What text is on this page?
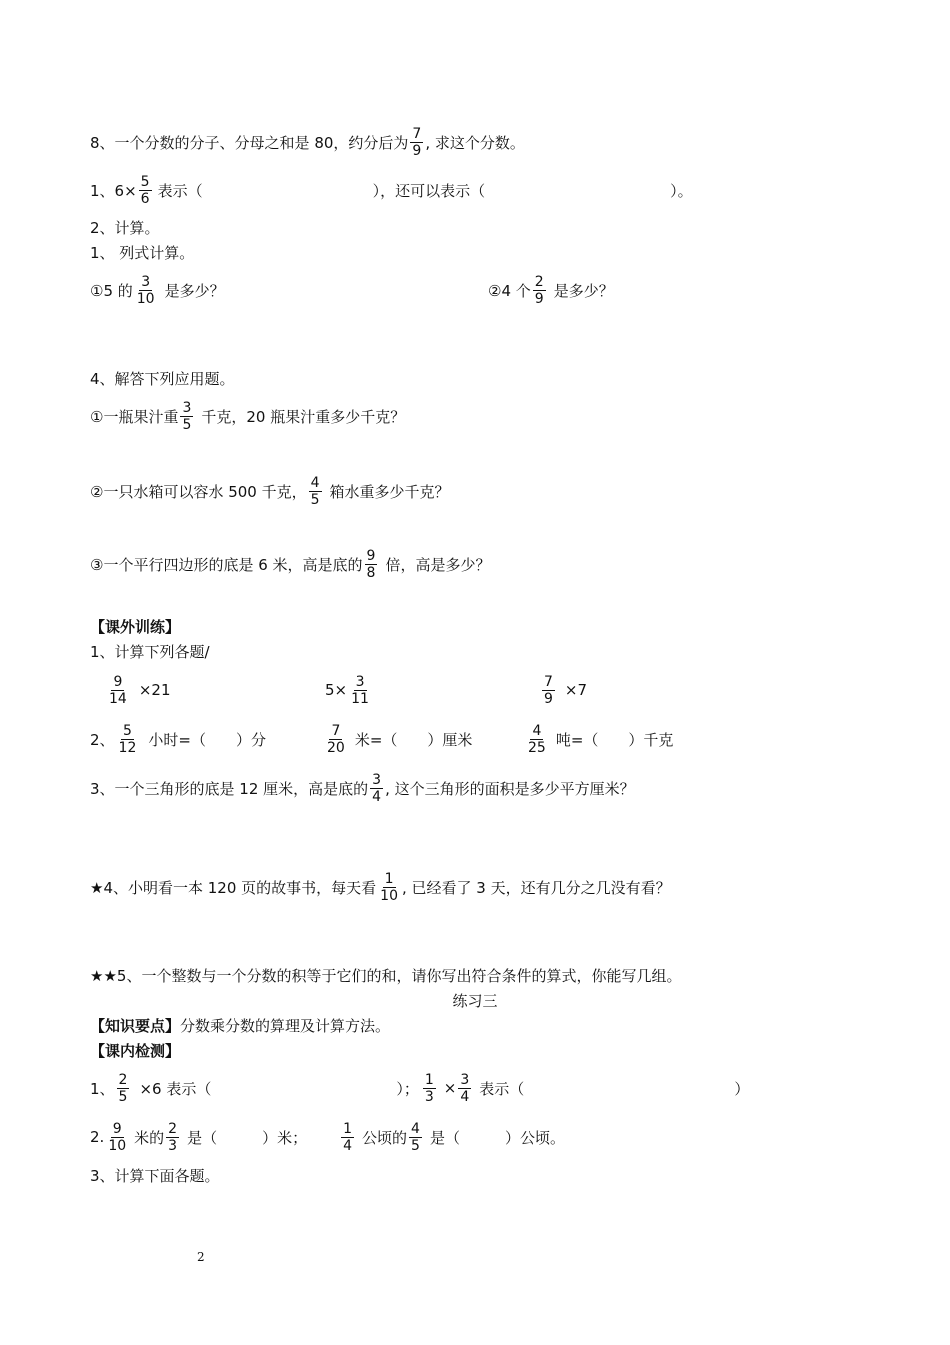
8、一个分数的分子、分母之和是 80，约分后为 $\frac{7}{9}$ , 求这个分数。
1、$6\times \frac{5}{6}$ 表示（	），还可以表示（	）。
2、计算。
1、 列式计算。
①5 的 $\frac{3}{10}$ 是多少？	②4 个 $\frac{2}{9}$ 是多少？
4、解答下列应用题。
①一瓶果汁重 $\frac{3}{5}$ 千克，20 瓶果汁重多少千克？
②一只水箱可以容水 500 千克， $\frac{4}{5}$ 箱水重多少千克？
③一个平行四边形的底是 6 米，高是底的 $\frac{9}{8}$ 倍，高是多少？
【课外训练】
1、计算下列各题/
$\frac{9}{14} \times 21$	$5\times \frac{3}{11}$	$\frac{7}{9} \times 7$
2、 $\frac{5}{12}$ 小时=（　　）分	$\frac{7}{20}$ 米=（　　）厘米	$\frac{4}{25}$ 吨=（　　）千克
3、一个三角形的底是 12 厘米，高是底的 $\frac{3}{4}$ , 这个三角形的面积是多少平方厘米？
★4、小明看一本 120 页的故事书，每天看 $\frac{1}{10}$ , 已经看了 3 天，还有几分之几没有看？
★★5、一个整数与一个分数的积等于它们的和，请你写出符合条件的算式，你能写几组。
练习三
【知识要点】 分数乘分数的算理及计算方法。
【课内检测】
1、 $\frac{2}{5} \times 6$ 表示（	）； $\frac{1}{3} \times \frac{3}{4}$ 表示（	）
2. $\frac{9}{10}$ 米的 $\frac{2}{3}$ 是（　　　）米； $\frac{1}{4}$ 公顷的 $\frac{4}{5}$ 是（　　　）公顷。
3、计算下面各题。
2
